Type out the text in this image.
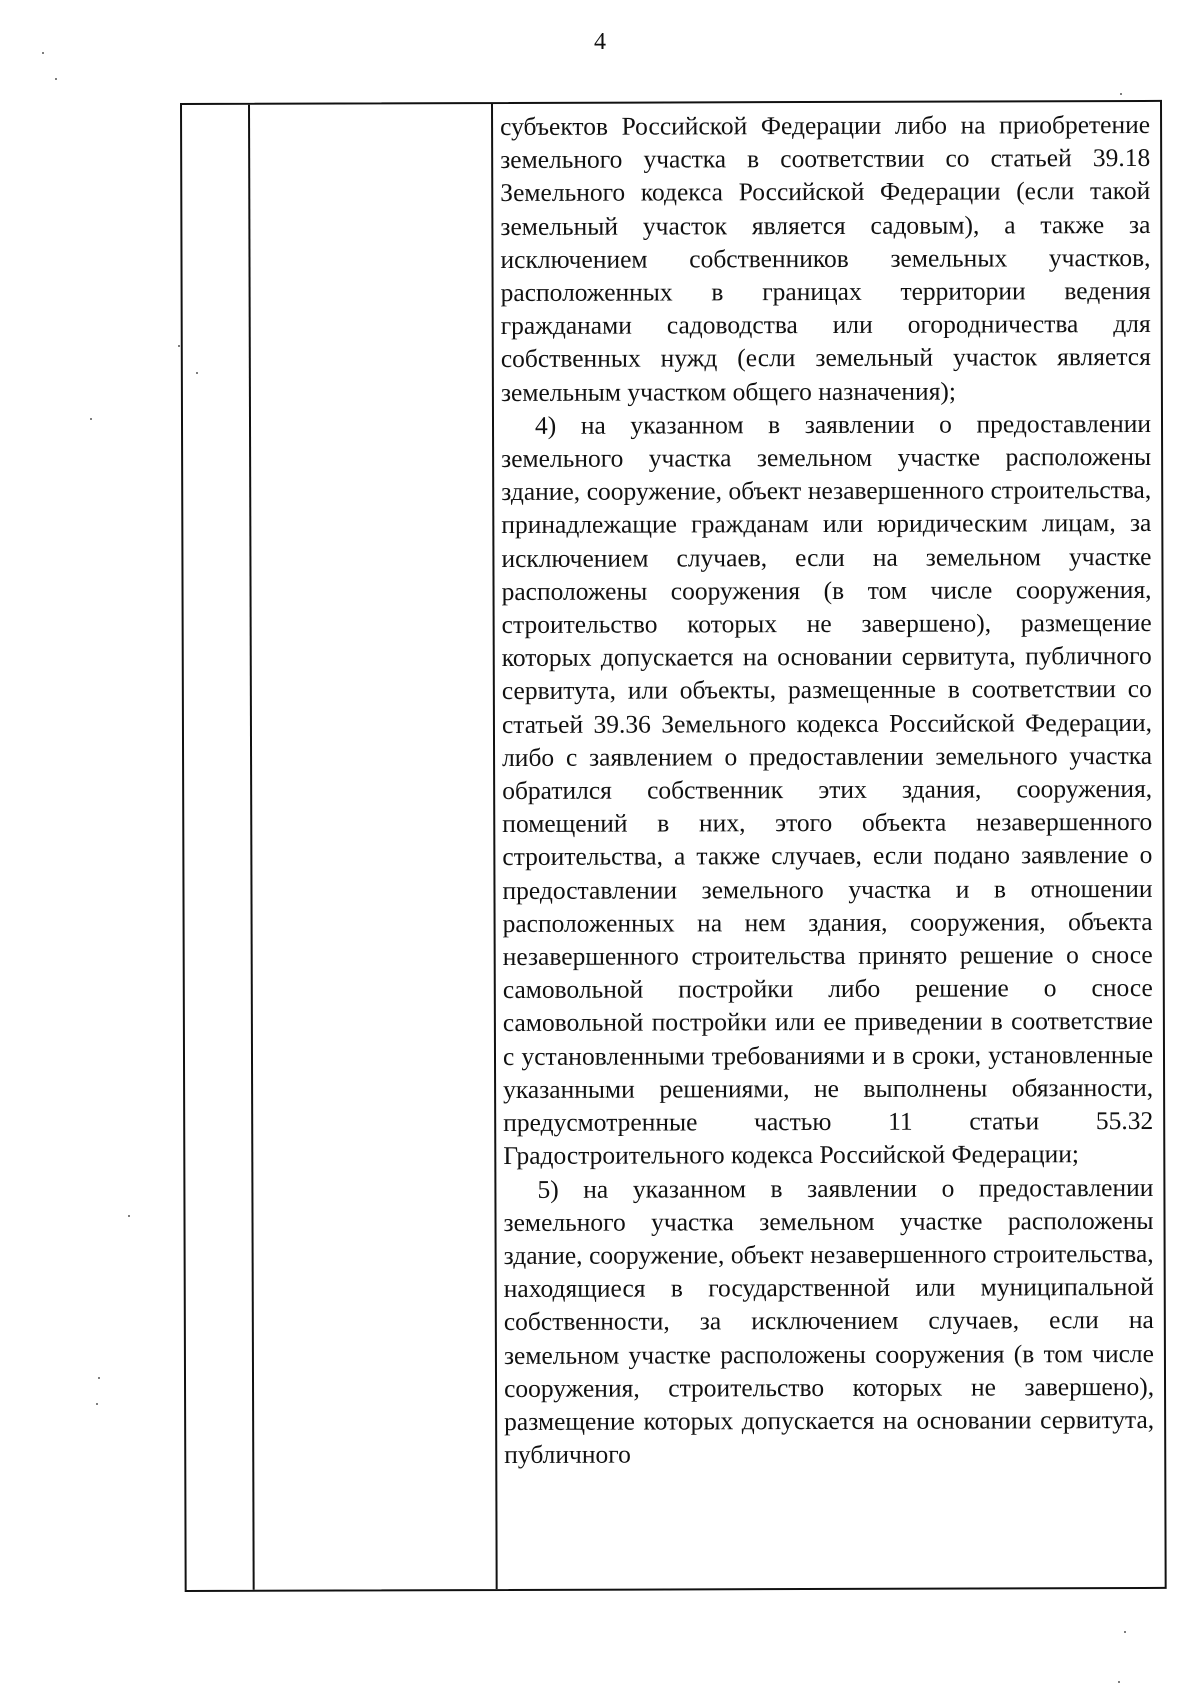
4

субъектов Российской Федерации либо на приобретение земельного участка в соответствии со статьей 39.18 Земельного кодекса Российской Федерации (если такой земельный участок является садовым), а также за исключением собственников земельных участков, расположенных в границах территории ведения гражданами садоводства или огородничества для собственных нужд (если земельный участок является земельным участком общего назначения);

4) на указанном в заявлении о предоставлении земельного участка земельном участке расположены здание, сооружение, объект незавершенного строительства, принадлежащие гражданам или юридическим лицам, за исключением случаев, если на земельном участке расположены сооружения (в том числе сооружения, строительство которых не завершено), размещение которых допускается на основании сервитута, публичного сервитута, или объекты, размещенные в соответствии со статьей 39.36 Земельного кодекса Российской Федерации, либо с заявлением о предоставлении земельного участка обратился собственник этих здания, сооружения, помещений в них, этого объекта незавершенного строительства, а также случаев, если подано заявление о предоставлении земельного участка и в отношении расположенных на нем здания, сооружения, объекта незавершенного строительства принято решение о сносе самовольной постройки либо решение о сносе самовольной постройки или ее приведении в соответствие с установленными требованиями и в сроки, установленные указанными решениями, не выполнены обязанности, предусмотренные частью 11 статьи 55.32 Градостроительного кодекса Российской Федерации;

5) на указанном в заявлении о предоставлении земельного участка земельном участке расположены здание, сооружение, объект незавершенного строительства, находящиеся в государственной или муниципальной собственности, за исключением случаев, если на земельном участке расположены сооружения (в том числе сооружения, строительство которых не завершено), размещение которых допускается на основании сервитута, публичного
